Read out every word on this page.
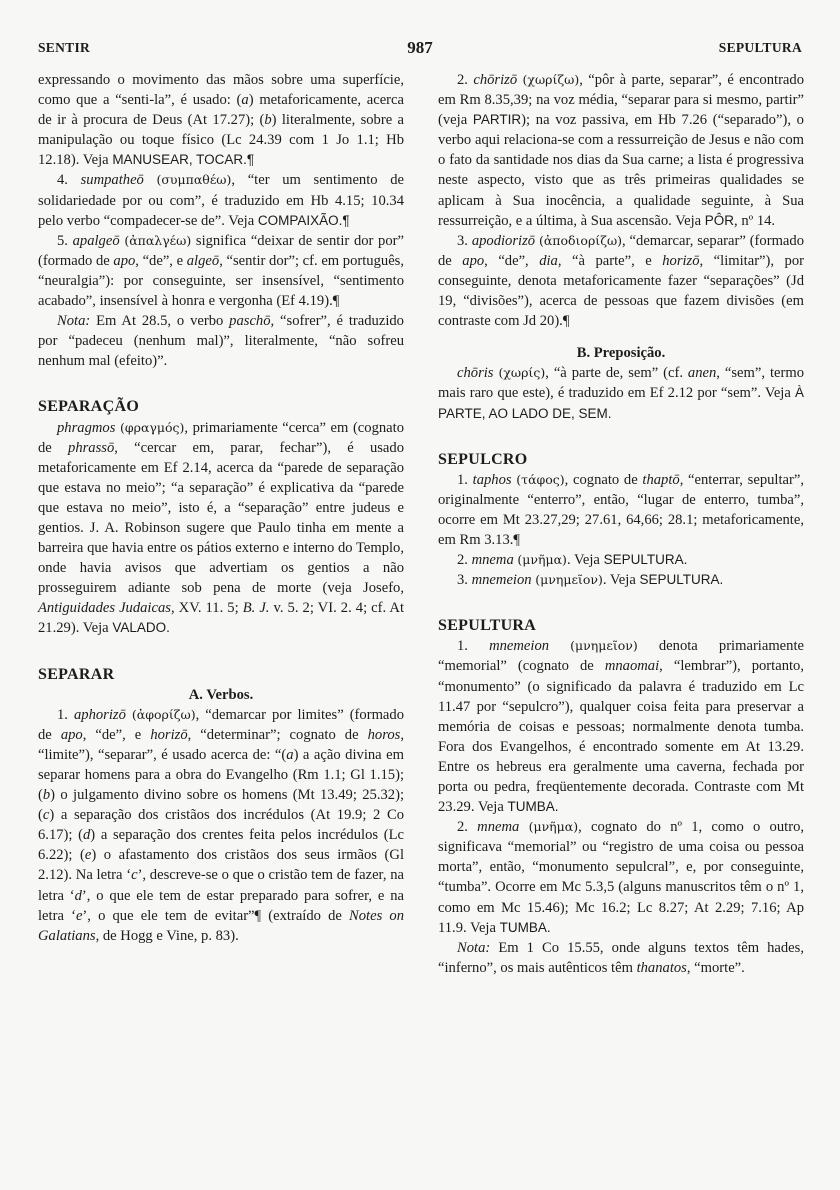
SENTIR	987	SEPULTURA

expressando o movimento das mãos sobre uma superfície, como que a “senti-la”, é usado: (a) metaforicamente, acerca de ir à procura de Deus (At 17.27); (b) literalmente, sobre a manipulação ou toque físico (Lc 24.39 com 1 Jo 1.1; Hb 12.18). Veja MANUSEAR, TOCAR.¶

4. sumpatheō (συμπαθέω), “ter um sentimento de solidariedade por ou com”, é traduzido em Hb 4.15; 10.34 pelo verbo “compadecer-se de”. Veja COMPAIXÃO.¶

5. apalgeō (ἀπαλγέω) significa “deixar de sentir dor por” (formado de apo, “de”, e algeō, “sentir dor”; cf. em português, “neuralgia”): por conseguinte, ser insensível, “sentimento acabado”, insensível à honra e vergonha (Ef 4.19).¶

Nota: Em At 28.5, o verbo paschō, “sofrer”, é traduzido por “padeceu (nenhum mal)”, literalmente, “não sofreu nenhum mal (efeito)”.

SEPARAÇÃO

phragmos (φραγμός), primariamente “cerca” em (cognato de phrassō, “cercar em, parar, fechar”), é usado metaforicamente em Ef 2.14, acerca da “parede de separação que estava no meio”; “a separação” é explicativa da “parede que estava no meio”, isto é, a “separação” entre judeus e gentios. J. A. Robinson sugere que Paulo tinha em mente a barreira que havia entre os pátios externo e interno do Templo, onde havia avisos que advertiam os gentios a não prosseguirem adiante sob pena de morte (veja Josefo, Antiguidades Judaicas, XV. 11. 5; B. J. v. 5. 2; VI. 2. 4; cf. At 21.29). Veja VALADO.

SEPARAR
A. Verbos.

1. aphorizō (ἀφορίζω), “demarcar por limites” (formado de apo, “de”, e horizō, “determinar”; cognato de horos, “limite”), “separar”, é usado acerca de: “(a) a ação divina em separar homens para a obra do Evangelho (Rm 1.1; Gl 1.15); (b) o julgamento divino sobre os homens (Mt 13.49; 25.32); (c) a separação dos cristãos dos incrédulos (At 19.9; 2 Co 6.17); (d) a separação dos crentes feita pelos incrédulos (Lc 6.22); (e) o afastamento dos cristãos dos seus irmãos (Gl 2.12). Na letra ‘c’, descreve-se o que o cristão tem de fazer, na letra ‘d’, o que ele tem de estar preparado para sofrer, e na letra ‘e’, o que ele tem de evitar”¶ (extraído de Notes on Galatians, de Hogg e Vine, p. 83).

2. chōrizō (χωρίζω), “pôr à parte, separar”, é encontrado em Rm 8.35,39; na voz média, “separar para si mesmo, partir” (veja PARTIR); na voz passiva, em Hb 7.26 (“separado”), o verbo aqui relaciona-se com a ressurreição de Jesus e não com o fato da santidade nos dias da Sua carne; a lista é progressiva neste aspecto, visto que as três primeiras qualidades se aplicam à Sua inocência, a qualidade seguinte, à Sua ressurreição, e a última, à Sua ascensão. Veja PÔR, nº 14.

3. apodiorizō (ἀποδιορίζω), “demarcar, separar” (formado de apo, “de”, dia, “à parte”, e horizō, “limitar”), por conseguinte, denota metaforicamente fazer “separações” (Jd 19, “divisões”), acerca de pessoas que fazem divisões (em contraste com Jd 20).¶

B. Preposição.

chōris (χωρίς), “à parte de, sem” (cf. anen, “sem”, termo mais raro que este), é traduzido em Ef 2.12 por “sem”. Veja À PARTE, AO LADO DE, SEM.

SEPULCRO

1. taphos (τάφος), cognato de thaptō, “enterrar, sepultar”, originalmente “enterro”, então, “lugar de enterro, tumba”, ocorre em Mt 23.27,29; 27.61, 64,66; 28.1; metaforicamente, em Rm 3.13.¶

2. mnema (μνῆμα). Veja SEPULTURA.

3. mnemeion (μνημεῖον). Veja SEPULTURA.

SEPULTURA

1. mnemeion (μνημεῖον) denota primariamente “memorial” (cognato de mnaomai, “lembrar”), portanto, “monumento” (o significado da palavra é traduzido em Lc 11.47 por “sepulcro”), qualquer coisa feita para preservar a memória de coisas e pessoas; normalmente denota tumba. Fora dos Evangelhos, é encontrado somente em At 13.29. Entre os hebreus era geralmente uma caverna, fechada por porta ou pedra, freqüentemente decorada. Contraste com Mt 23.29. Veja TUMBA.

2. mnema (μνῆμα), cognato do nº 1, como o outro, significava “memorial” ou “registro de uma coisa ou pessoa morta”, então, “monumento sepulcral”, e, por conseguinte, “tumba”. Ocorre em Mc 5.3,5 (alguns manuscritos têm o nº 1, como em Mc 15.46); Mc 16.2; Lc 8.27; At 2.29; 7.16; Ap 11.9. Veja TUMBA.

Nota: Em 1 Co 15.55, onde alguns textos têm hades, “inferno”, os mais autênticos têm thanatos, “morte”.
